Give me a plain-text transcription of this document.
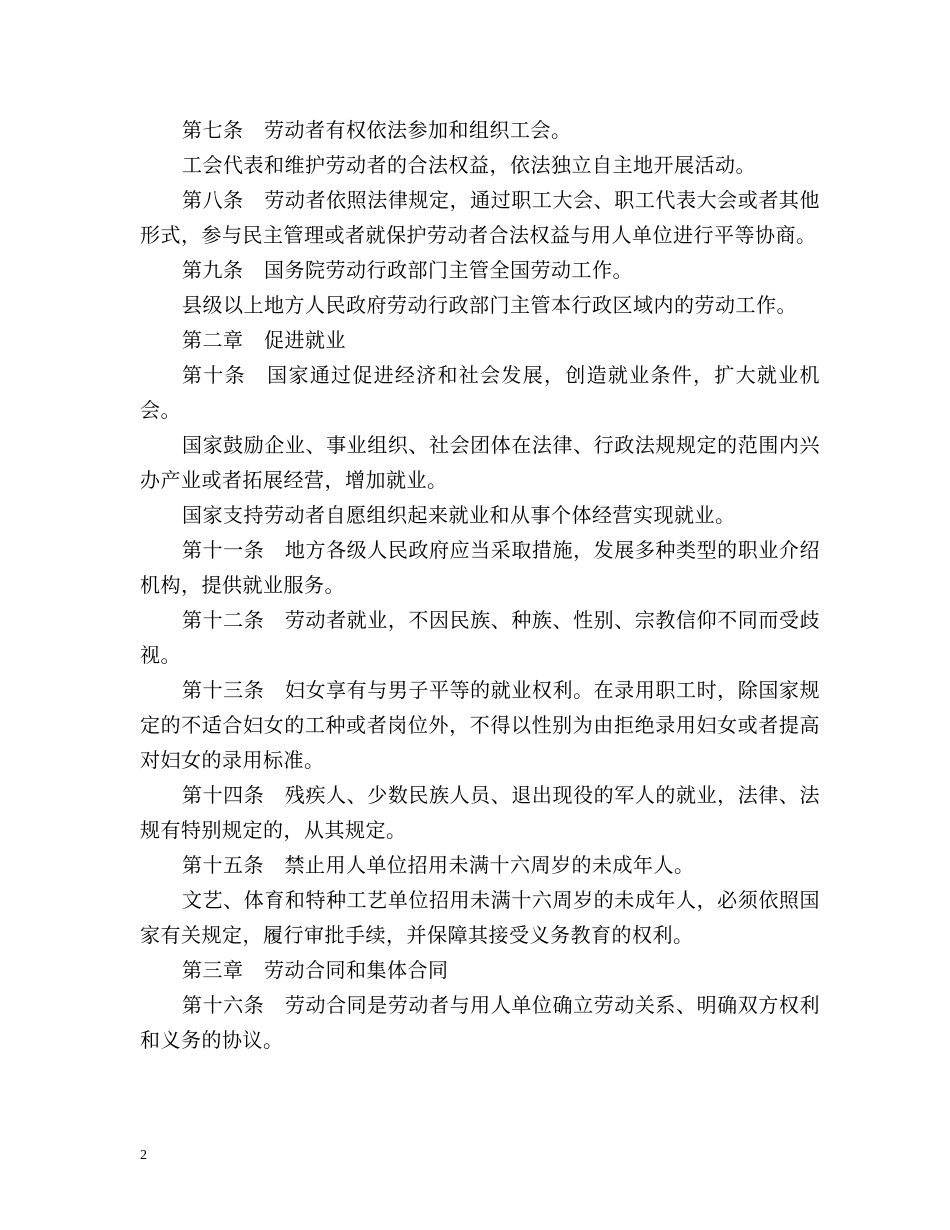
第七条　劳动者有权依法参加和组织工会。

工会代表和维护劳动者的合法权益，依法独立自主地开展活动。

第八条　劳动者依照法律规定，通过职工大会、职工代表大会或者其他形式，参与民主管理或者就保护劳动者合法权益与用人单位进行平等协商。

第九条　国务院劳动行政部门主管全国劳动工作。

县级以上地方人民政府劳动行政部门主管本行政区域内的劳动工作。

第二章　促进就业

第十条　国家通过促进经济和社会发展，创造就业条件，扩大就业机会。

国家鼓励企业、事业组织、社会团体在法律、行政法规规定的范围内兴办产业或者拓展经营，增加就业。

国家支持劳动者自愿组织起来就业和从事个体经营实现就业。

第十一条　地方各级人民政府应当采取措施，发展多种类型的职业介绍机构，提供就业服务。

第十二条　劳动者就业，不因民族、种族、性别、宗教信仰不同而受歧视。

第十三条　妇女享有与男子平等的就业权利。在录用职工时，除国家规定的不适合妇女的工种或者岗位外，不得以性别为由拒绝录用妇女或者提高对妇女的录用标准。

第十四条　残疾人、少数民族人员、退出现役的军人的就业，法律、法规有特别规定的，从其规定。

第十五条　禁止用人单位招用未满十六周岁的未成年人。

文艺、体育和特种工艺单位招用未满十六周岁的未成年人，必须依照国家有关规定，履行审批手续，并保障其接受义务教育的权利。

第三章　劳动合同和集体合同

第十六条　劳动合同是劳动者与用人单位确立劳动关系、明确双方权利和义务的协议。

2
